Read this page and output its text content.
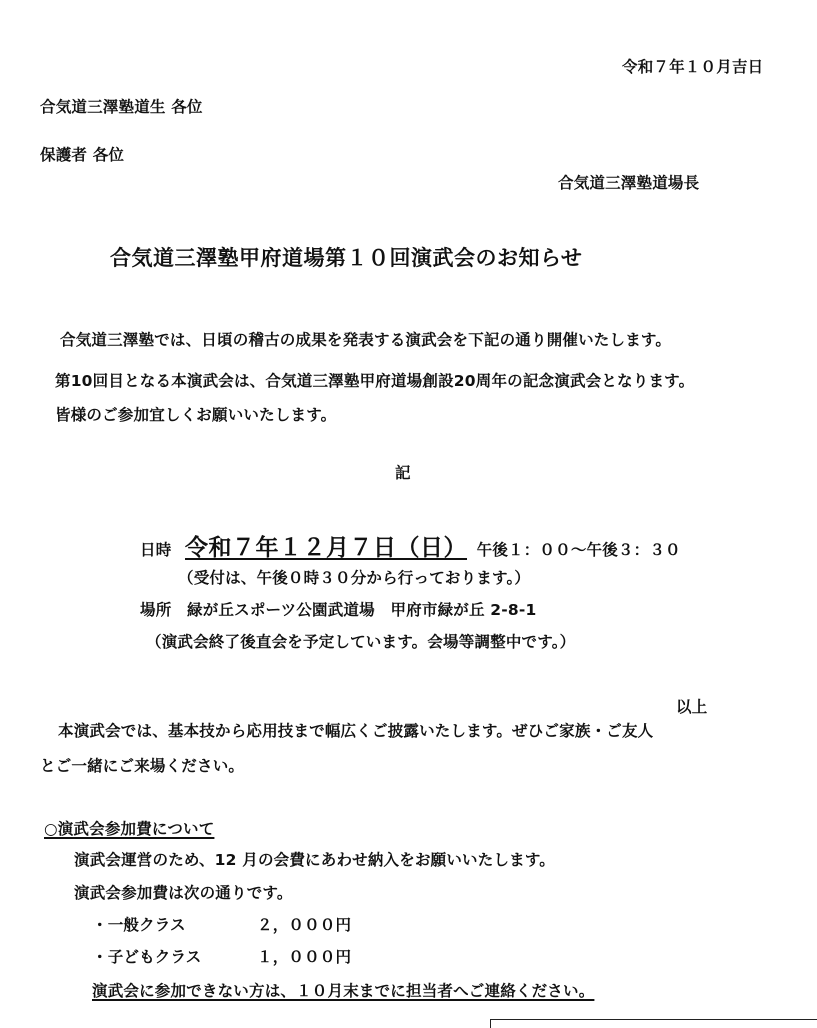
令和７年１０月吉日
合気道三澤塾道生 各位
保護者 各位
合気道三澤塾道場長
合気道三澤塾甲府道場第１０回演武会のお知らせ
合気道三澤塾では、日頃の稽古の成果を発表する演武会を下記の通り開催いたします。
第10回目となる本演武会は、合気道三澤塾甲府道場創設20周年の記念演武会となります。
皆様のご参加宜しくお願いいたします。
記
日時 令和７年１２月７日（日） 午後１：００～午後３：３０
（受付は、午後０時３０分から行っております。）
場所 緑が丘スポーツ公園武道場　甲府市緑が丘 2-8-1
（演武会終了後直会を予定しています。会場等調整中です。）
以上
本演武会では、基本技から応用技まで幅広くご披露いたします。ぜひご家族・ご友人
とご一緒にご来場ください。
○演武会参加費について
演武会運営のため、12 月の会費にあわせ納入をお願いいたします。
演武会参加費は次の通りです。
・一般クラス	２，０００円
・子どもクラス	１，０００円
演武会に参加できない方は、１０月末までに担当者へご連絡ください。
